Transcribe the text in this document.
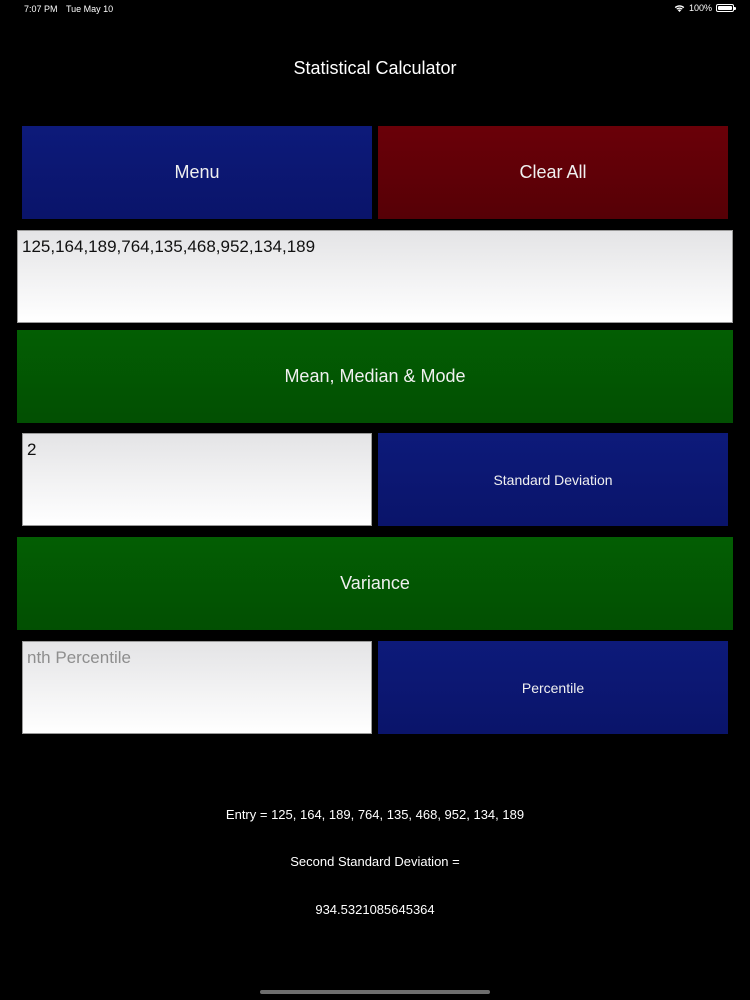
7:07 PM Tue May 10	100%
Statistical Calculator
Menu	Clear All
125,164,189,764,135,468,952,134,189
Mean, Median & Mode
2
Standard Deviation
Variance
nth Percentile
Percentile
Entry = 125, 164, 189, 764, 135, 468, 952, 134, 189
Second Standard Deviation =
934.5321085645364
